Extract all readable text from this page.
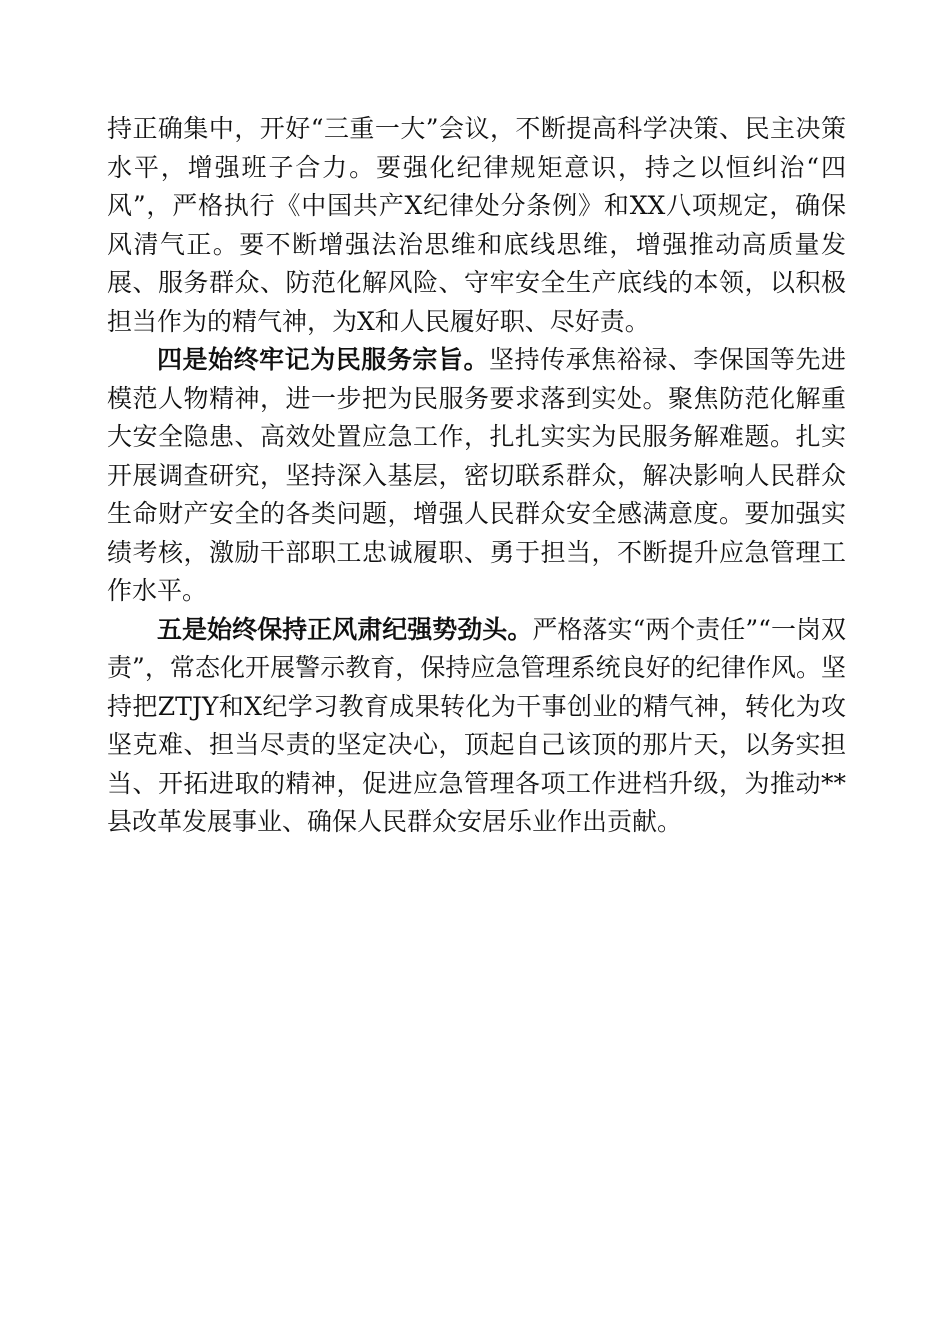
持正确集中，开好“三重一大”会议，不断提高科学决策、民主决策水平，增强班子合力。要强化纪律规矩意识，持之以恒纠治“四风”，严格执行《中国共产X纪律处分条例》和XX八项规定，确保风清气正。要不断增强法治思维和底线思维，增强推动高质量发展、服务群众、防范化解风险、守牢安全生产底线的本领，以积极担当作为的精气神，为X和人民履好职、尽好责。

四是始终牢记为民服务宗旨。坚持传承焦裕禄、李保国等先进模范人物精神，进一步把为民服务要求落到实处。聚焦防范化解重大安全隐患、高效处置应急工作，扎扎实实为民服务解难题。扎实开展调查研究，坚持深入基层，密切联系群众，解决影响人民群众生命财产安全的各类问题，增强人民群众安全感满意度。要加强实绩考核，激励干部职工忠诚履职、勇于担当，不断提升应急管理工作水平。

五是始终保持正风肃纪强势劲头。严格落实“两个责任”“一岗双责”，常态化开展警示教育，保持应急管理系统良好的纪律作风。坚持把ZTJY和X纪学习教育成果转化为干事创业的精气神，转化为攻坚克难、担当尽责的坚定决心，顶起自己该顶的那片天，以务实担当、开拓进取的精神，促进应急管理各项工作进档升级，为推动**县改革发展事业、确保人民群众安居乐业作出贡献。
